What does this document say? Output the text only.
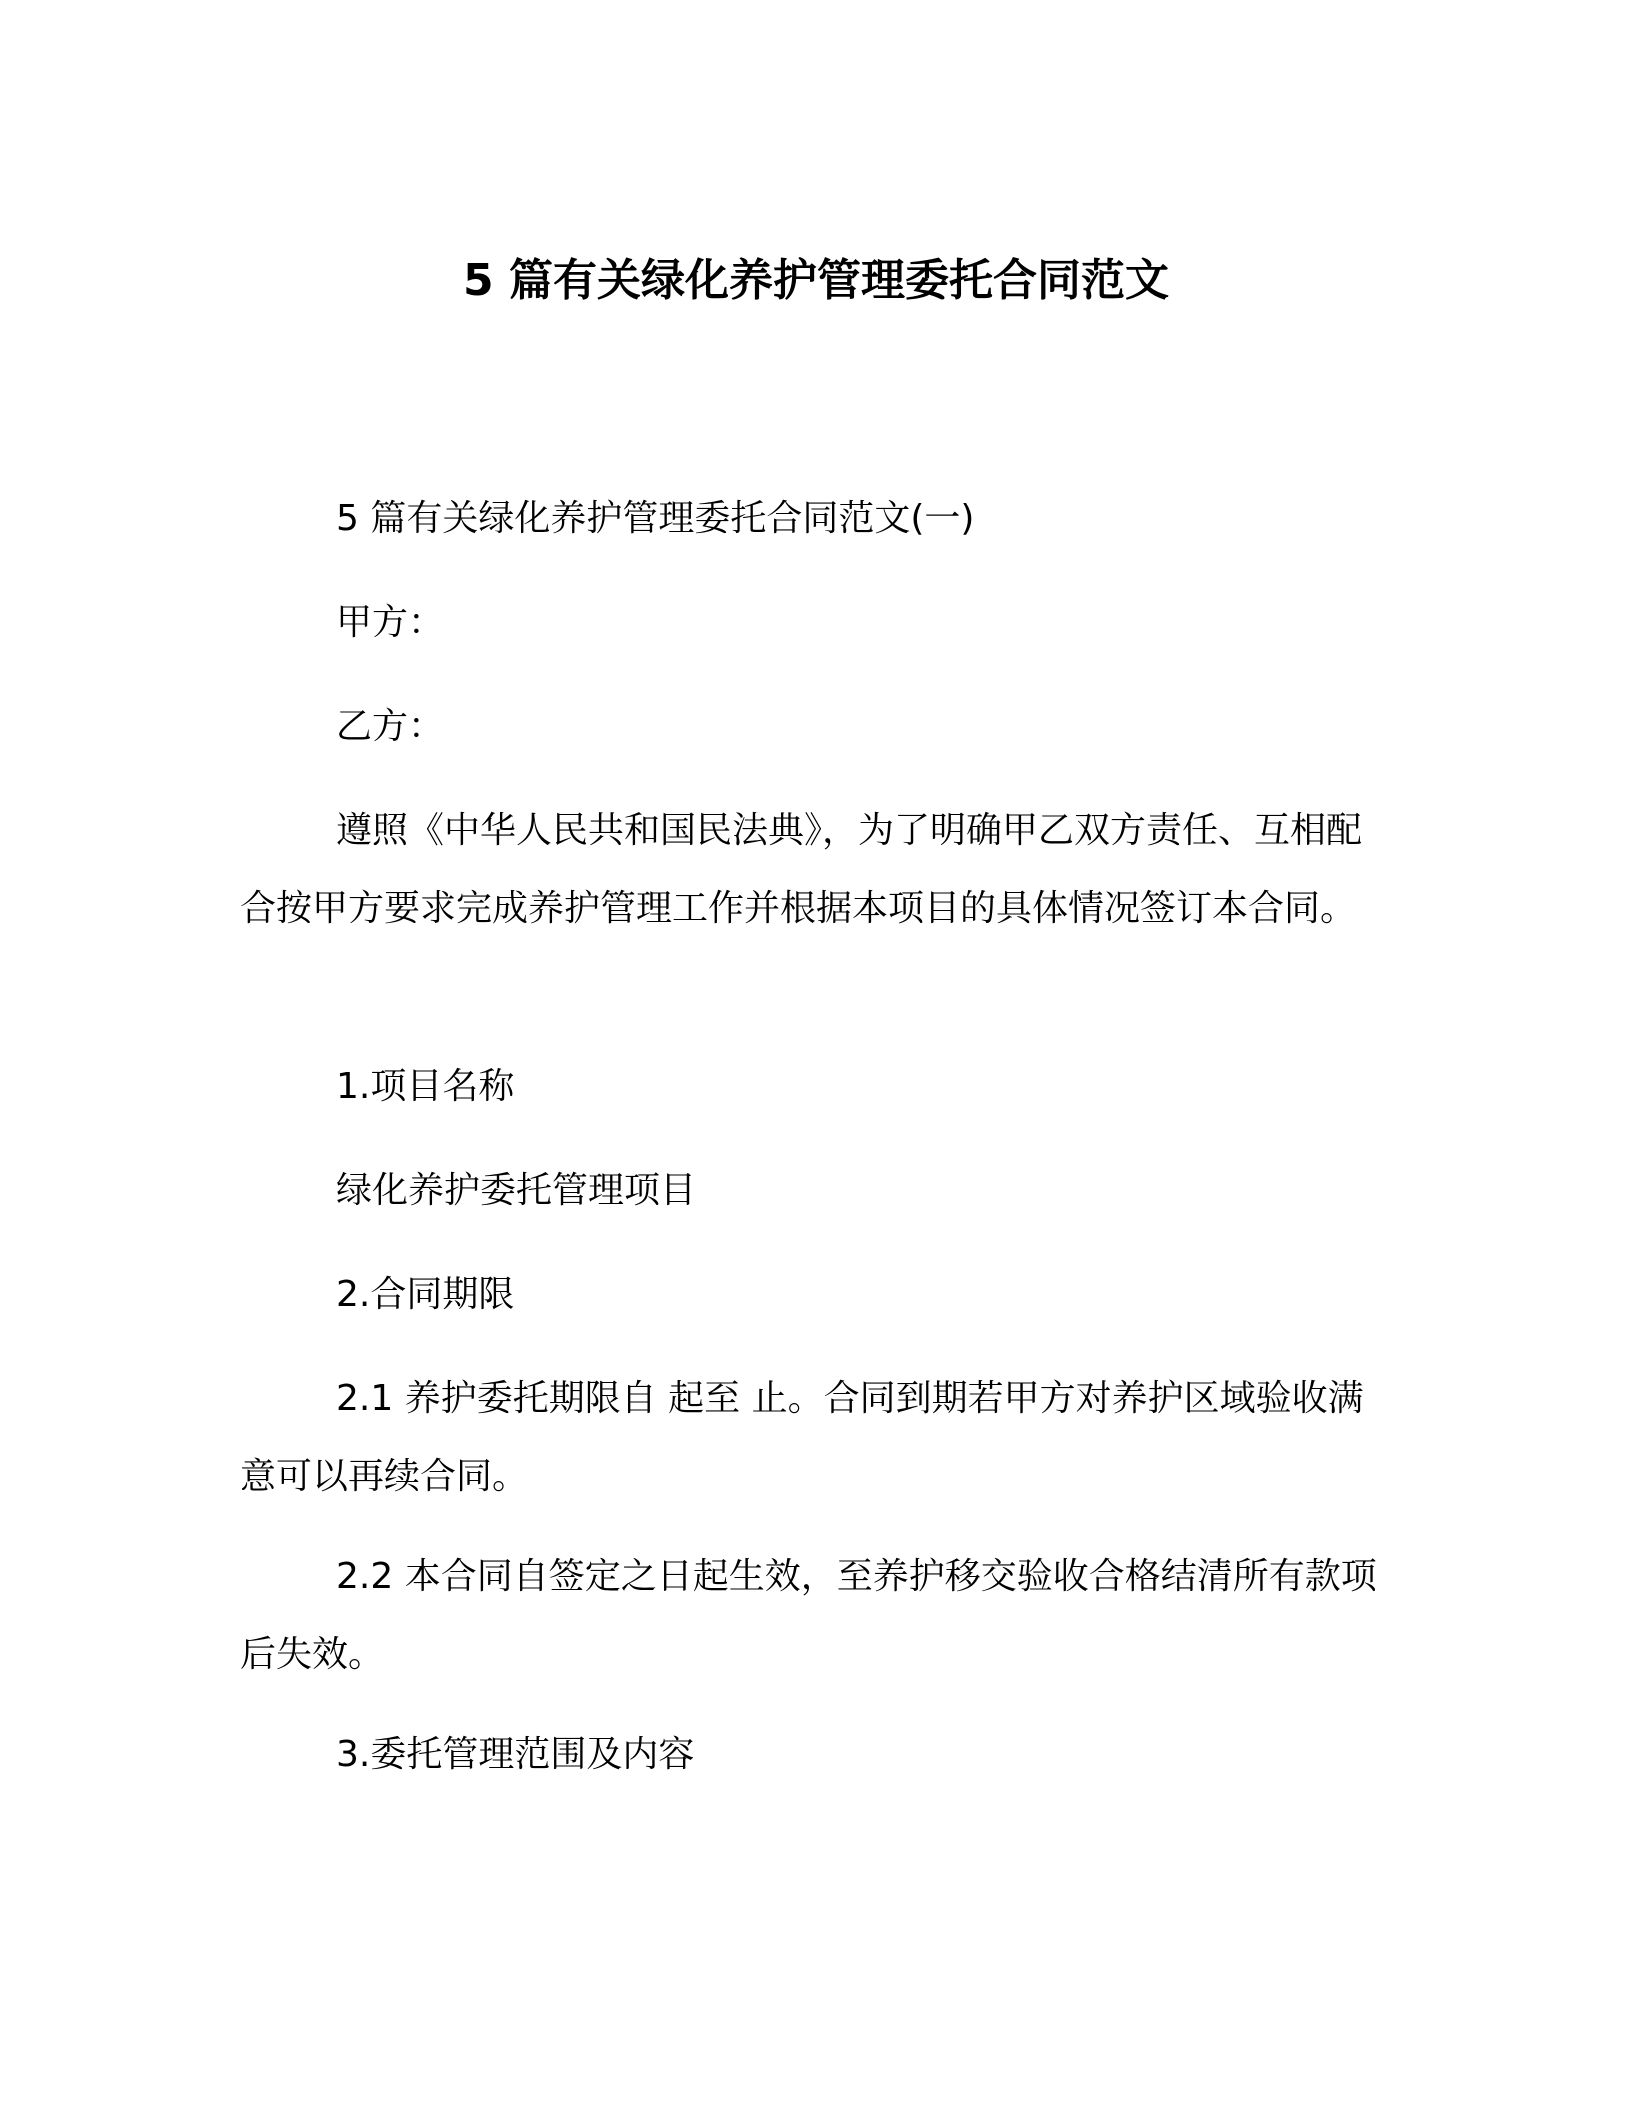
5 篇有关绿化养护管理委托合同范文

5 篇有关绿化养护管理委托合同范文(一)

甲方：

乙方：

遵照《中华人民共和国民法典》，为了明确甲乙双方责任、互相配合按甲方要求完成养护管理工作并根据本项目的具体情况签订本合同。

1.项目名称

绿化养护委托管理项目

2.合同期限

2.1 养护委托期限自 起至 止。合同到期若甲方对养护区域验收满意可以再续合同。

2.2 本合同自签定之日起生效，至养护移交验收合格结清所有款项后失效。

3.委托管理范围及内容
